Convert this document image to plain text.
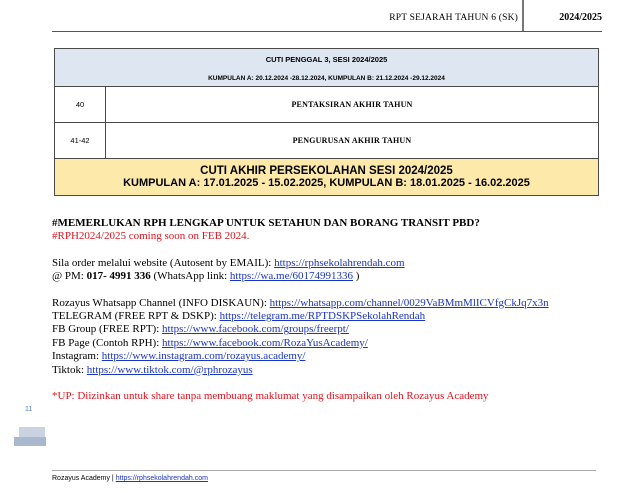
RPT SEJARAH TAHUN 6 (SK)	2024/2025
CUTI PENGGAL 3, SESI 2024/2025
KUMPULAN A: 20.12.2024 -28.12.2024, KUMPULAN B: 21.12.2024 -29.12.2024	

40	PENTAKSIRAN AKHIR TAHUN
41-42	PENGURUSAN AKHIR TAHUN

CUTI AKHIR PERSEKOLAHAN SESI 2024/2025
KUMPULAN A: 17.01.2025 - 15.02.2025, KUMPULAN B: 18.01.2025 - 16.02.2025	

#MEMERLUKAN RPH LENGKAP UNTUK SETAHUN DAN BORANG TRANSIT PBD?

#RPH2024/2025 coming soon on FEB 2024.

Sila order melalui website (Autosent by EMAIL): https://rphsekolahrendah.com

@ PM: 017- 4991 336 (WhatsApp link: https://wa.me/60174991336 )

Rozayus Whatsapp Channel (INFO DISKAUN): https://whatsapp.com/channel/0029VaBMmMlICVfgCkJq7x3n

TELEGRAM (FREE RPT & DSKP): https://telegram.me/RPTDSKPSekolahRendah

FB Group (FREE RPT): https://www.facebook.com/groups/freerpt/

FB Page (Contoh RPH): https://www.facebook.com/RozaYusAcademy/

Instagram: https://www.instagram.com/rozayus.academy/

Tiktok: https://www.tiktok.com/@rphrozayus

*UP: Diizinkan untuk share tanpa membuang maklumat yang disampaikan oleh Rozayus Academy

11
Rozayus Academy | https://rphsekolahrendah.com
